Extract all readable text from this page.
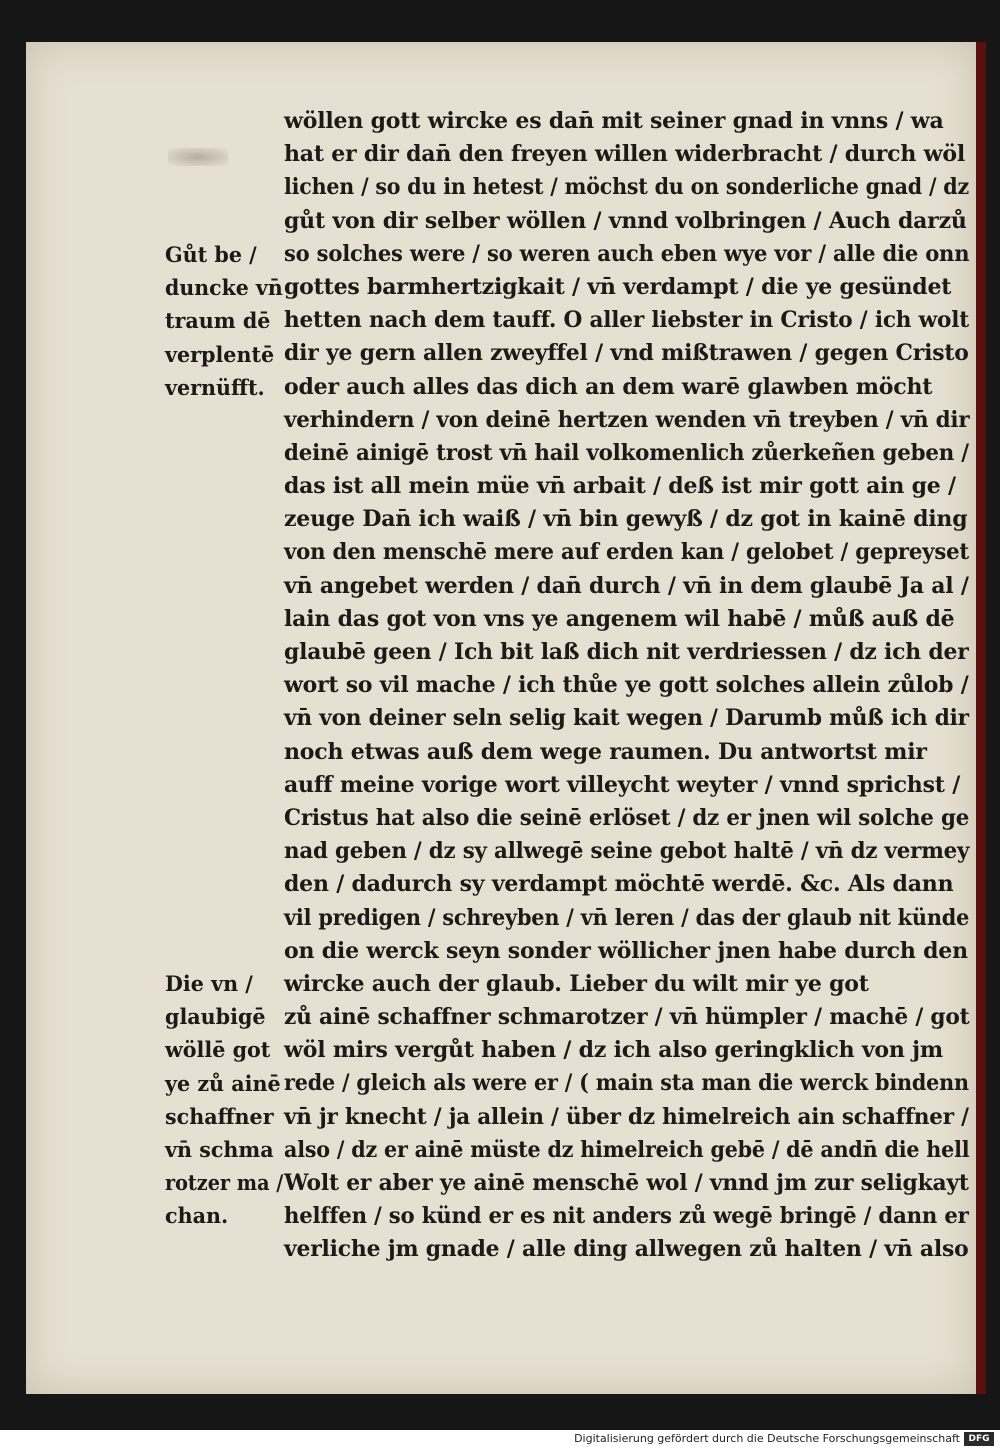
wöllen gott wircke es dan̄ mit seiner gnad in vnns / wa
hat er dir dan̄ den freyen willen widerbracht / durch wöl
lichen / so du in hetest / möchst du on sonderliche gnad / dz
gůt von dir selber wöllen / vnnd volbringen / Auch darzů
so solches were / so weren auch eben wye vor / alle die onn
gottes barmhertzigkait / vn̄ verdampt / die ye gesündet
hetten nach dem tauff. O aller liebster in Cristo / ich wolt
dir ye gern allen zweyffel / vnd mißtrawen / gegen Cristo
oder auch alles das dich an dem warē glawben möcht
verhindern / von deinē hertzen wenden vn̄ treyben / vn̄ dir
deinē ainigē trost vn̄ hail volkomenlich zůerkeñen geben /
das ist all mein müe vn̄ arbait / deß ist mir gott ain ge /
zeuge Dan̄ ich waiß / vn̄ bin gewyß / dz got in kainē ding
von den menschē mere auf erden kan / gelobet / gepreyset
vn̄ angebet werden / dan̄ durch / vn̄ in dem glaubē Ja al /
lain das got von vns ye angenem wil habē / můß auß dē
glaubē geen / Ich bit laß dich nit verdriessen / dz ich der
wort so vil mache / ich thůe ye gott solches allein zůlob /
vn̄ von deiner seln selig kait wegen / Darumb můß ich dir
noch etwas auß dem wege raumen. Du antwortst mir
auff meine vorige wort villeycht weyter / vnnd sprichst /
Cristus hat also die seinē erlöset / dz er jnen wil solche ge
nad geben / dz sy allwegē seine gebot haltē / vn̄ dz vermey
den / dadurch sy verdampt möchtē werdē. &c. Als dann
vil predigen / schreyben / vn̄ leren / das der glaub nit künde
on die werck seyn sonder wöllicher jnen habe durch den
wircke auch der glaub. Lieber du wilt mir ye got
zů ainē schaffner schmarotzer / vn̄ hümpler / machē / got
wöl mirs vergůt haben / dz ich also geringklich von jm
rede / gleich als were er / ( main sta man die werck bindenn
vn̄ jr knecht / ja allein / über dz himelreich ain schaffner /
also / dz er ainē müste dz himelreich gebē / dē andn̄ die hell
Wolt er aber ye ainē menschē wol / vnnd jm zur seligkayt
helffen / so künd er es nit anders zů wegē bringē / dann er
verliche jm gnade / alle ding allwegen zů halten / vn̄ also
Gůt be /
duncke vn̄
traum dē
verplentē
vernüfft.
Die vn /
glaubigē
wöllē got
ye zů ainē
schaffner
vn̄ schma
rotzer ma /
chan.
Digitalisierung gefördert durch die Deutsche Forschungsgemeinschaft DFG
